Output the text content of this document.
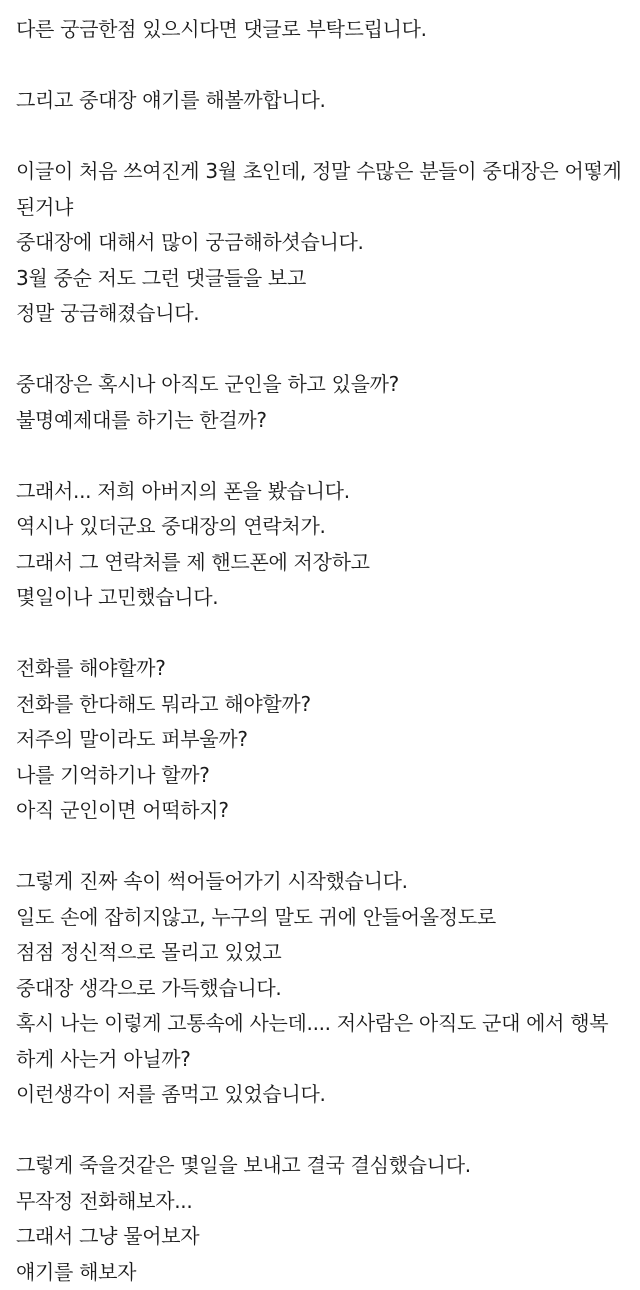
다른 궁금한점 있으시다면 댓글로 부탁드립니다.
그리고 중대장 얘기를 해볼까합니다.
이글이 처음 쓰여진게 3월 초인데, 정말 수많은 분들이 중대장은 어떻게
된거냐
중대장에 대해서 많이 궁금해하셧습니다.
3월 중순 저도 그런 댓글들을 보고
정말 궁금해졌습니다.
중대장은 혹시나 아직도 군인을 하고 있을까?
불명예제대를 하기는 한걸까?
그래서... 저희 아버지의 폰을 봤습니다.
역시나 있더군요 중대장의 연락처가.
그래서 그 연락처를 제 핸드폰에 저장하고
몇일이나 고민했습니다.
전화를 해야할까?
전화를 한다해도 뭐라고 해야할까?
저주의 말이라도 퍼부울까?
나를 기억하기나 할까?
아직 군인이면 어떡하지?
그렇게 진짜 속이 썩어들어가기 시작했습니다.
일도 손에 잡히지않고, 누구의 말도 귀에 안들어올정도로
점점 정신적으로 몰리고 있었고
중대장 생각으로 가득했습니다.
혹시 나는 이렇게 고통속에 사는데.... 저사람은 아직도 군대 에서 행복
하게 사는거 아닐까?
이런생각이 저를 좀먹고 있었습니다.
그렇게 죽을것같은 몇일을 보내고 결국 결심했습니다.
무작정 전화해보자...
그래서 그냥 물어보자
얘기를 해보자
